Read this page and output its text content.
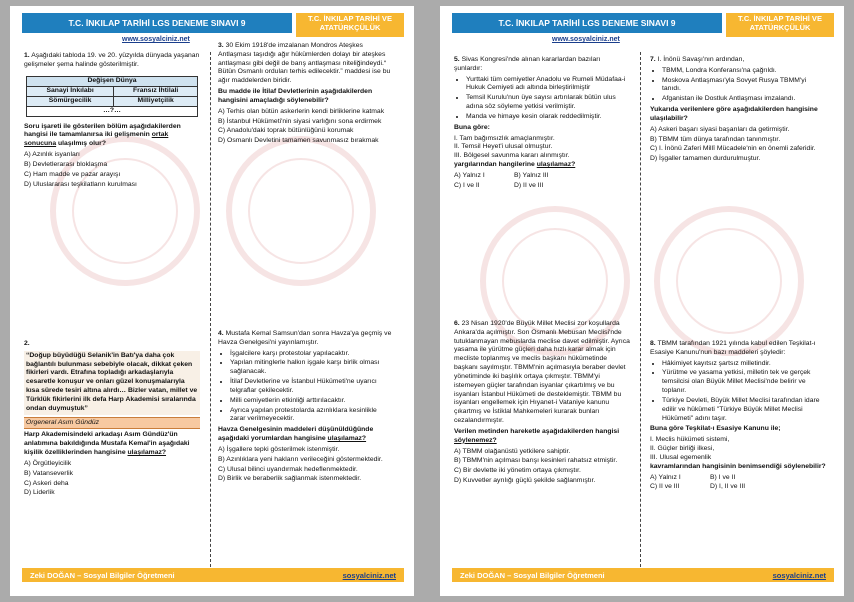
T.C. İNKILAP TARİHİ LGS DENEME SINAVI 9	T.C. İNKILAP TARİHİ VE
ATATÜRKÇÜLÜK
www.sosyalciniz.net

1. Aşağıdaki tabloda 19. ve 20. yüzyılda dünyada yaşanan gelişmeler şema halinde gösterilmiştir.

Değişen Dünya	
Sanayi İnkılabı	Fransız İhtilali
Sömürgecilik	Milliyetçilik
…?…	

Soru işareti ile gösterilen bölüm aşağıdakilerden hangisi ile tamamlanırsa iki gelişmenin ortak sonucuna ulaşılmış olur?

A) Azınlık isyanları
B) Devletlerarası bloklaşma
C) Ham madde ve pazar arayışı
D) Uluslararası teşkilatların kurulması

2.

“Doğup büyüdüğü Selanik'in Batı'ya daha çok bağlantılı bulunması sebebiyle olacak, dikkat çeken fikirleri vardı. Etrafına topladığı arkadaşlarıyla cesaretle konuşur ve onları güzel konuşmalarıyla kısa sürede tesiri altına alırdı… Bizler vatan, millet ve Türklük fikirlerini ilk defa Harp Akademisi sıralarında ondan duymuştuk”

Orgeneral Asım Gündüz

Harp Akademisindeki arkadaşı Asım Gündüz'ün anlatımına bakıldığında Mustafa Kemal'in aşağıdaki kişilik özelliklerinden hangisine ulaşılamaz?

A) Örgütleyicilik
B) Vatanseverlik
C) Askeri deha
D) Liderlik

3. 30 Ekim 1918'de imzalanan Mondros Ateşkes Antlaşması taşıdığı ağır hükümlerden dolayı bir ateşkes antlaşması gibi değil de barış antlaşması niteliğindeydi.“ Bütün Osmanlı orduları terhis edilecektir.” maddesi ise bu ağır maddelerden biridir.

Bu madde ile İtilaf Devletlerinin aşağıdakilerden hangisini amaçladığı söylenebilir?

A) Terhis olan bütün askerlerin kendi birliklerine katmak
B) İstanbul Hükümeti'nin siyasi varlığını sona erdirmek
C) Anadolu'daki toprak bütünlüğünü korumak
D) Osmanlı Devletini tamamen savunmasız bırakmak

4. Mustafa Kemal Samsun'dan sonra Havza'ya geçmiş ve Havza Genelgesi'ni yayınlamıştır.

• İşgalcilere karşı protestolar yapılacaktır.
• Yapılan mitinglerle halkın işgale karşı birlik olması sağlanacak.
• İtilaf Devletlerine ve İstanbul Hükümeti'ne uyarıcı telgraflar çekilecektir.
• Milli cemiyetlerin etkinliği arttırılacaktır.
• Ayrıca yapılan protestolarda azınlıklara kesinlikle zarar verilmeyecektir.

Havza Genelgesinin maddeleri düşünüldüğünde aşağıdaki yorumlardan hangisine ulaşılamaz?

A) İşgallere tepki gösterilmek istenmiştir.
B) Azınlıklara yeni hakların verileceğini göstermektedir.
C) Ulusal bilinci uyandırmak hedeflenmektedir.
D) Birlik ve beraberlik sağlanmak istenmektedir.
Zeki DOĞAN – Sosyal Bilgiler Öğretmeni	sosyalciniz.net
T.C. İNKILAP TARİHİ LGS DENEME SINAVI 9	T.C. İNKILAP TARİHİ VE
ATATÜRKÇÜLÜK
www.sosyalciniz.net

5. Sivas Kongresi'nde alınan kararlardan bazıları şunlardır:

• Yurttaki tüm cemiyetler Anadolu ve Rumeli Müdafaa-i Hukuk Cemiyeti adı altında birleştirilmiştir
• Temsil Kurulu'nun üye sayısı artırılarak bütün ulus adına söz söyleme yetkisi verilmiştir.
• Manda ve himaye kesin olarak reddedilmiştir.

Buna göre:

I. Tam bağımsızlık amaçlanmıştır.
II. Temsil Heyet'i ulusal olmuştur.
III. Bölgesel savunma kararı alınmıştır.

yargılarından hangilerine ulaşılamaz?

A) Yalnız I	B) Yalnız III
C) I ve II	D) II ve III

6. 23 Nisan 1920'de Büyük Millet Meclisi zor koşullarda Ankara'da açılmıştır. Son Osmanlı Mebusan Meclisi'nde tutuklanmayan mebuslarda meclise davet edilmiştir. Ayrıca yasama ile yürütme güçleri daha hızlı karar almak için mecliste toplanmış ve meclis başkanı hükümetinde başkanı sayılmıştır. TBMM'nin açılmasıyla beraber devlet yönetiminde iki başlılık ortaya çıkmıştır. TBMM'yi istemeyen güçler tarafından isyanlar çıkartılmış ve bu isyanları İstanbul Hükümeti de desteklemiştir. TBMM bu isyanları engellemek için Hıyanet-i Vataniye kanunu çıkartmış ve İstiklal Mahkemeleri kurarak bunları cezalandırmıştır.

Verilen metinden hareketle aşağıdakilerden hangisi söylenemez?

A) TBMM olağanüstü yetkilere sahiptir.
B) TBMM'nin açılması barışı kesinleri rahatsız etmiştir.
C) Bir devlette iki yönetim ortaya çıkmıştır.
D) Kuvvetler ayrılığı güçlü şekilde sağlanmıştır.

7. I. İnönü Savaşı'nın ardından,

• TBMM, Londra Konferansı'na çağrıldı.
• Moskova Antlaşması'yla Sovyet Rusya TBMM'yi tanıdı.
• Afganistan ile Dostluk Antlaşması imzalandı.

Yukarıda verilenlere göre aşağıdakilerden hangisine ulaşılabilir?

A) Askeri başarı siyasi başarıları da getirmiştir.
B) TBMM tüm dünya tarafından tanınmıştır.
C) I. İnönü Zaferi Millî Mücadele'nin en önemli zaferidir.
D) İşgaller tamamen durdurulmuştur.

8. TBMM tarafından 1921 yılında kabul edilen Teşkilat-ı Esasiye Kanunu'nun bazı maddeleri şöyledir:

• Hâkimiyet kayıtsız şartsız milletindir.
• Yürütme ve yasama yetkisi, milletin tek ve gerçek temsilcisi olan Büyük Millet Meclisi'nde belirir ve toplanır.
• Türkiye Devleti, Büyük Millet Meclisi tarafından idare edilir ve hükümeti "Türkiye Büyük Millet Meclisi Hükümeti" adını taşır.

Buna göre Teşkilat-ı Esasiye Kanunu ile;

I. Meclis hükümeti sistemi,
II. Güçler birliği ilkesi,
III. Ulusal egemenlik

kavramlarından hangisinin benimsendiği söylenebilir?

A) Yalnız I	B) I ve II
C) II ve III	D) I, II ve III
Zeki DOĞAN – Sosyal Bilgiler Öğretmeni	sosyalciniz.net
